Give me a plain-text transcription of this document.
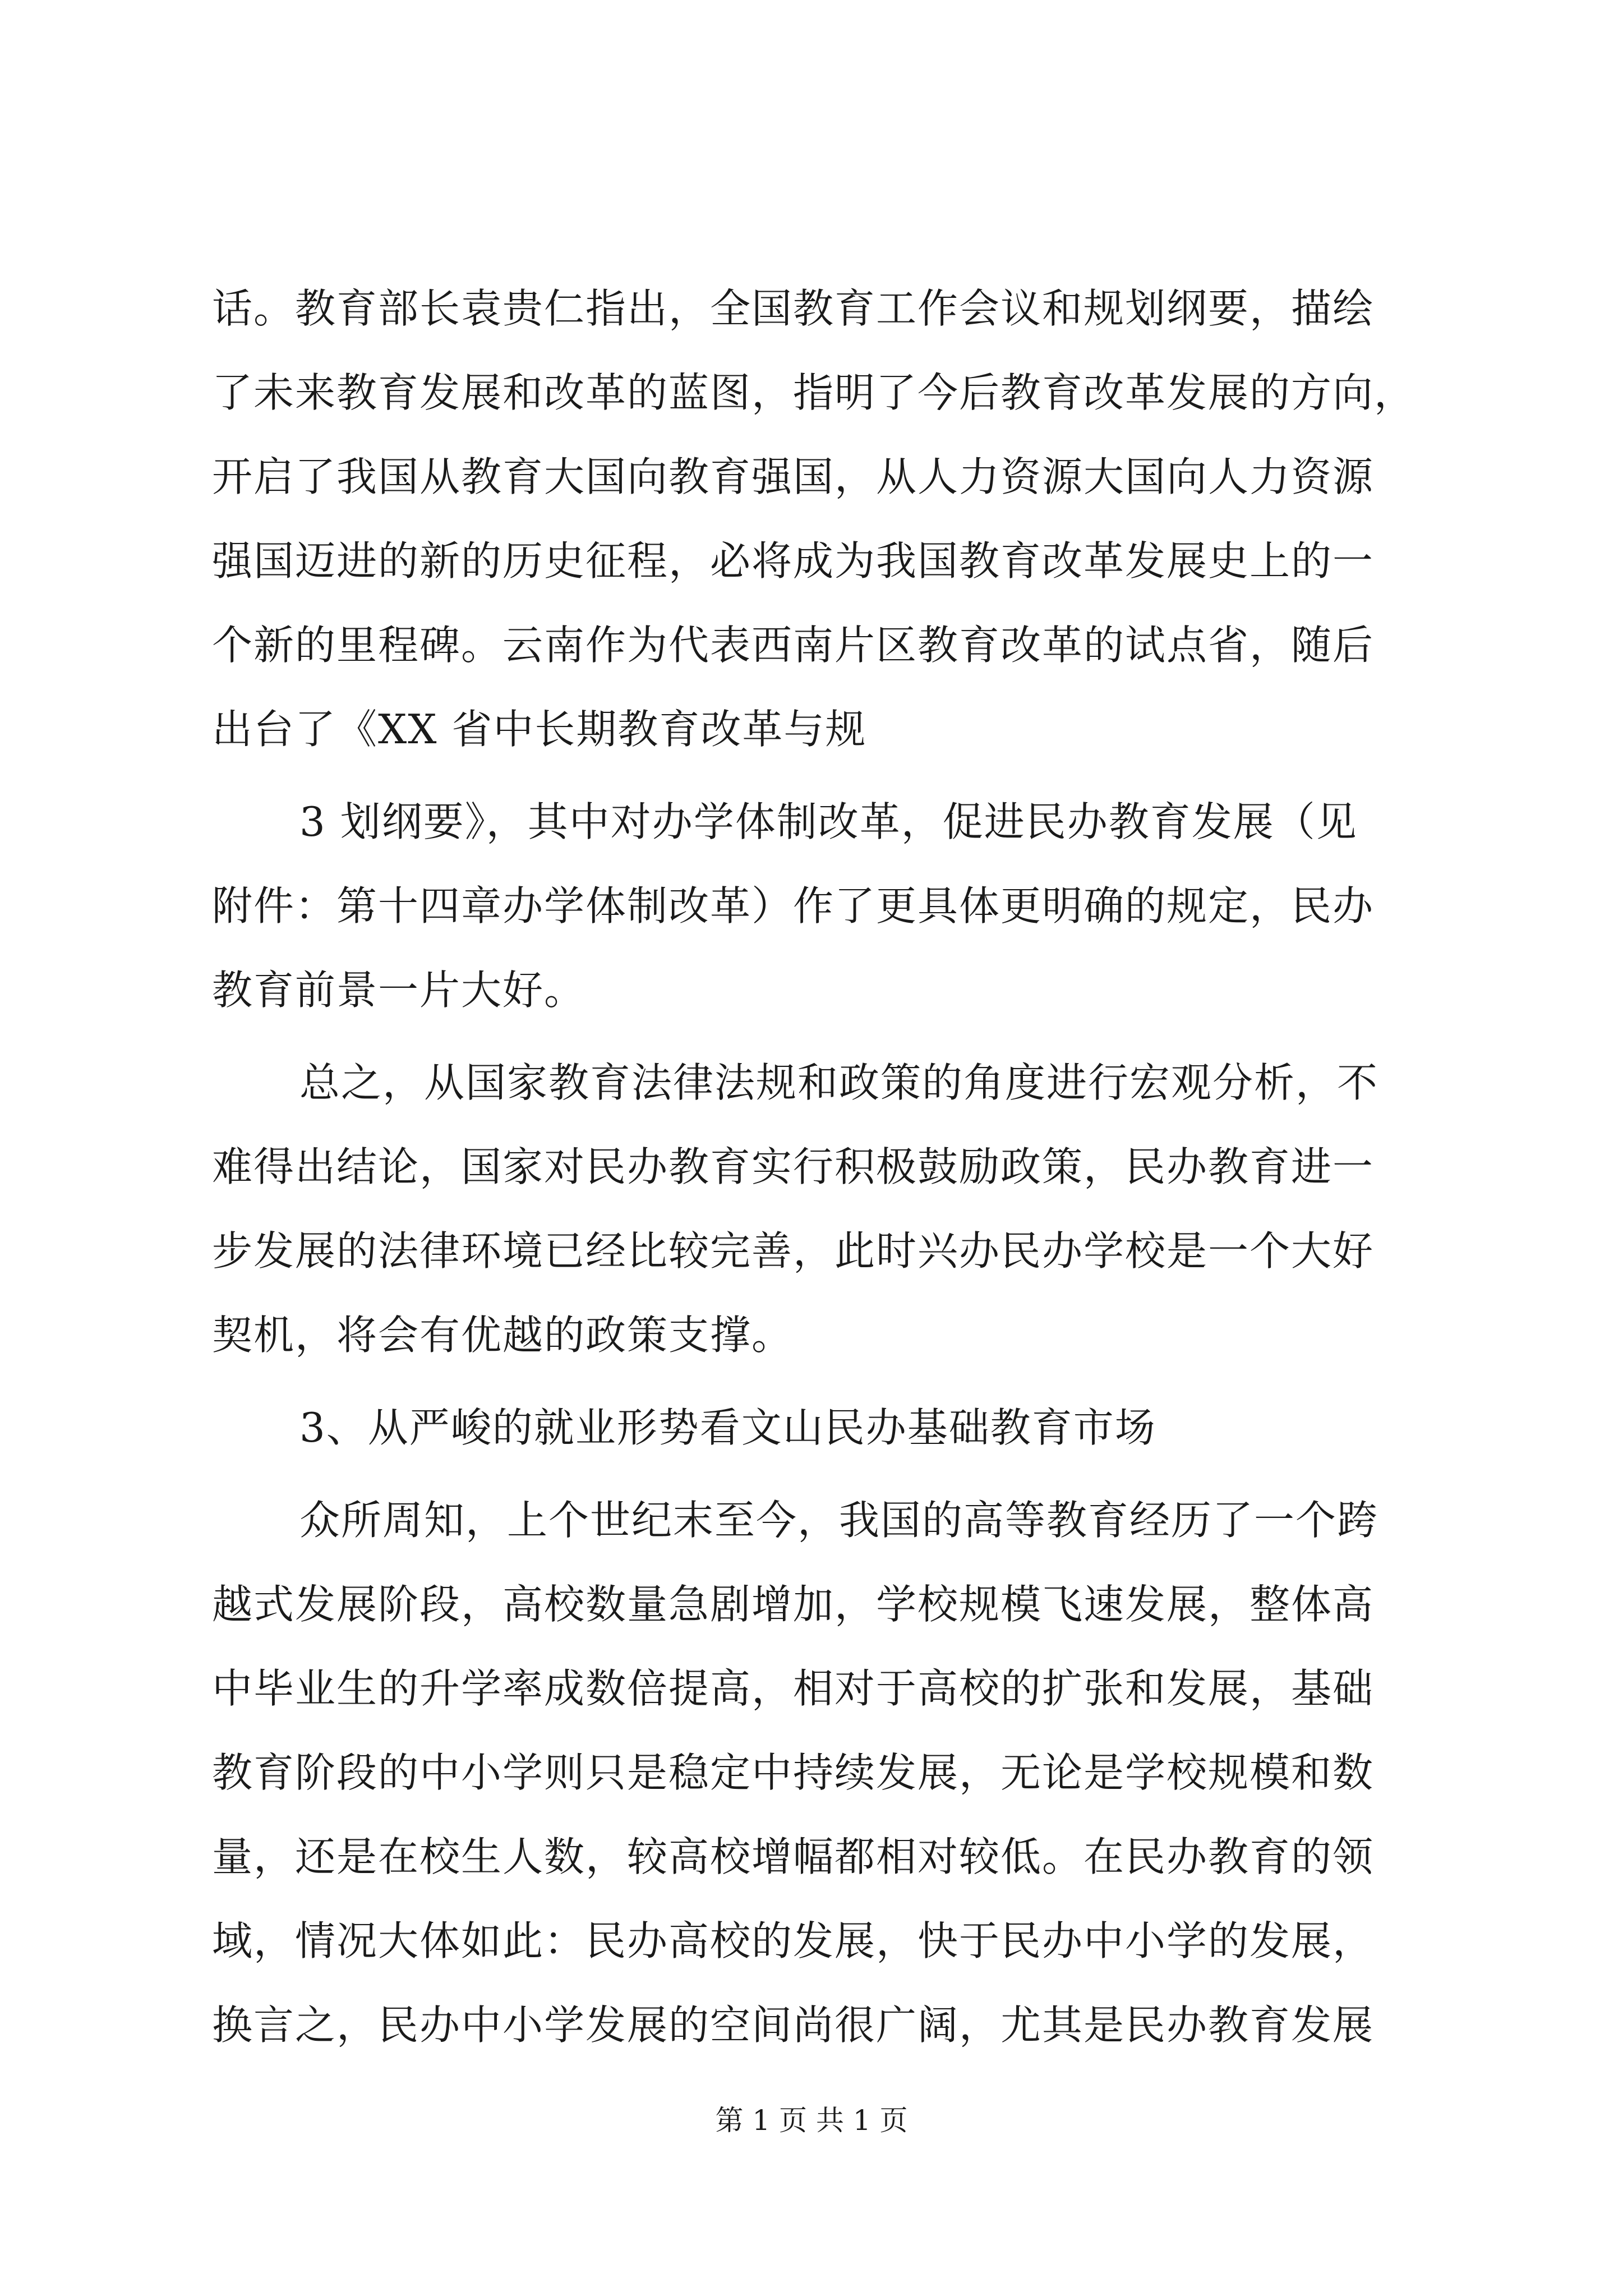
话。教育部长袁贵仁指出，全国教育工作会议和规划纲要，描绘
了未来教育发展和改革的蓝图，指明了今后教育改革发展的方向，
开启了我国从教育大国向教育强国，从人力资源大国向人力资源
强国迈进的新的历史征程，必将成为我国教育改革发展史上的一
个新的里程碑。云南作为代表西南片区教育改革的试点省，随后
出台了《XX 省中长期教育改革与规
3 划纲要》，其中对办学体制改革，促进民办教育发展（见
附件：第十四章办学体制改革）作了更具体更明确的规定，民办
教育前景一片大好。
总之，从国家教育法律法规和政策的角度进行宏观分析，不
难得出结论，国家对民办教育实行积极鼓励政策，民办教育进一
步发展的法律环境已经比较完善，此时兴办民办学校是一个大好
契机，将会有优越的政策支撑。
3、从严峻的就业形势看文山民办基础教育市场
众所周知，上个世纪末至今，我国的高等教育经历了一个跨
越式发展阶段，高校数量急剧增加，学校规模飞速发展，整体高
中毕业生的升学率成数倍提高，相对于高校的扩张和发展，基础
教育阶段的中小学则只是稳定中持续发展，无论是学校规模和数
量，还是在校生人数，较高校增幅都相对较低。在民办教育的领
域，情况大体如此：民办高校的发展，快于民办中小学的发展，
换言之，民办中小学发展的空间尚很广阔，尤其是民办教育发展
第 1 页 共 1 页
